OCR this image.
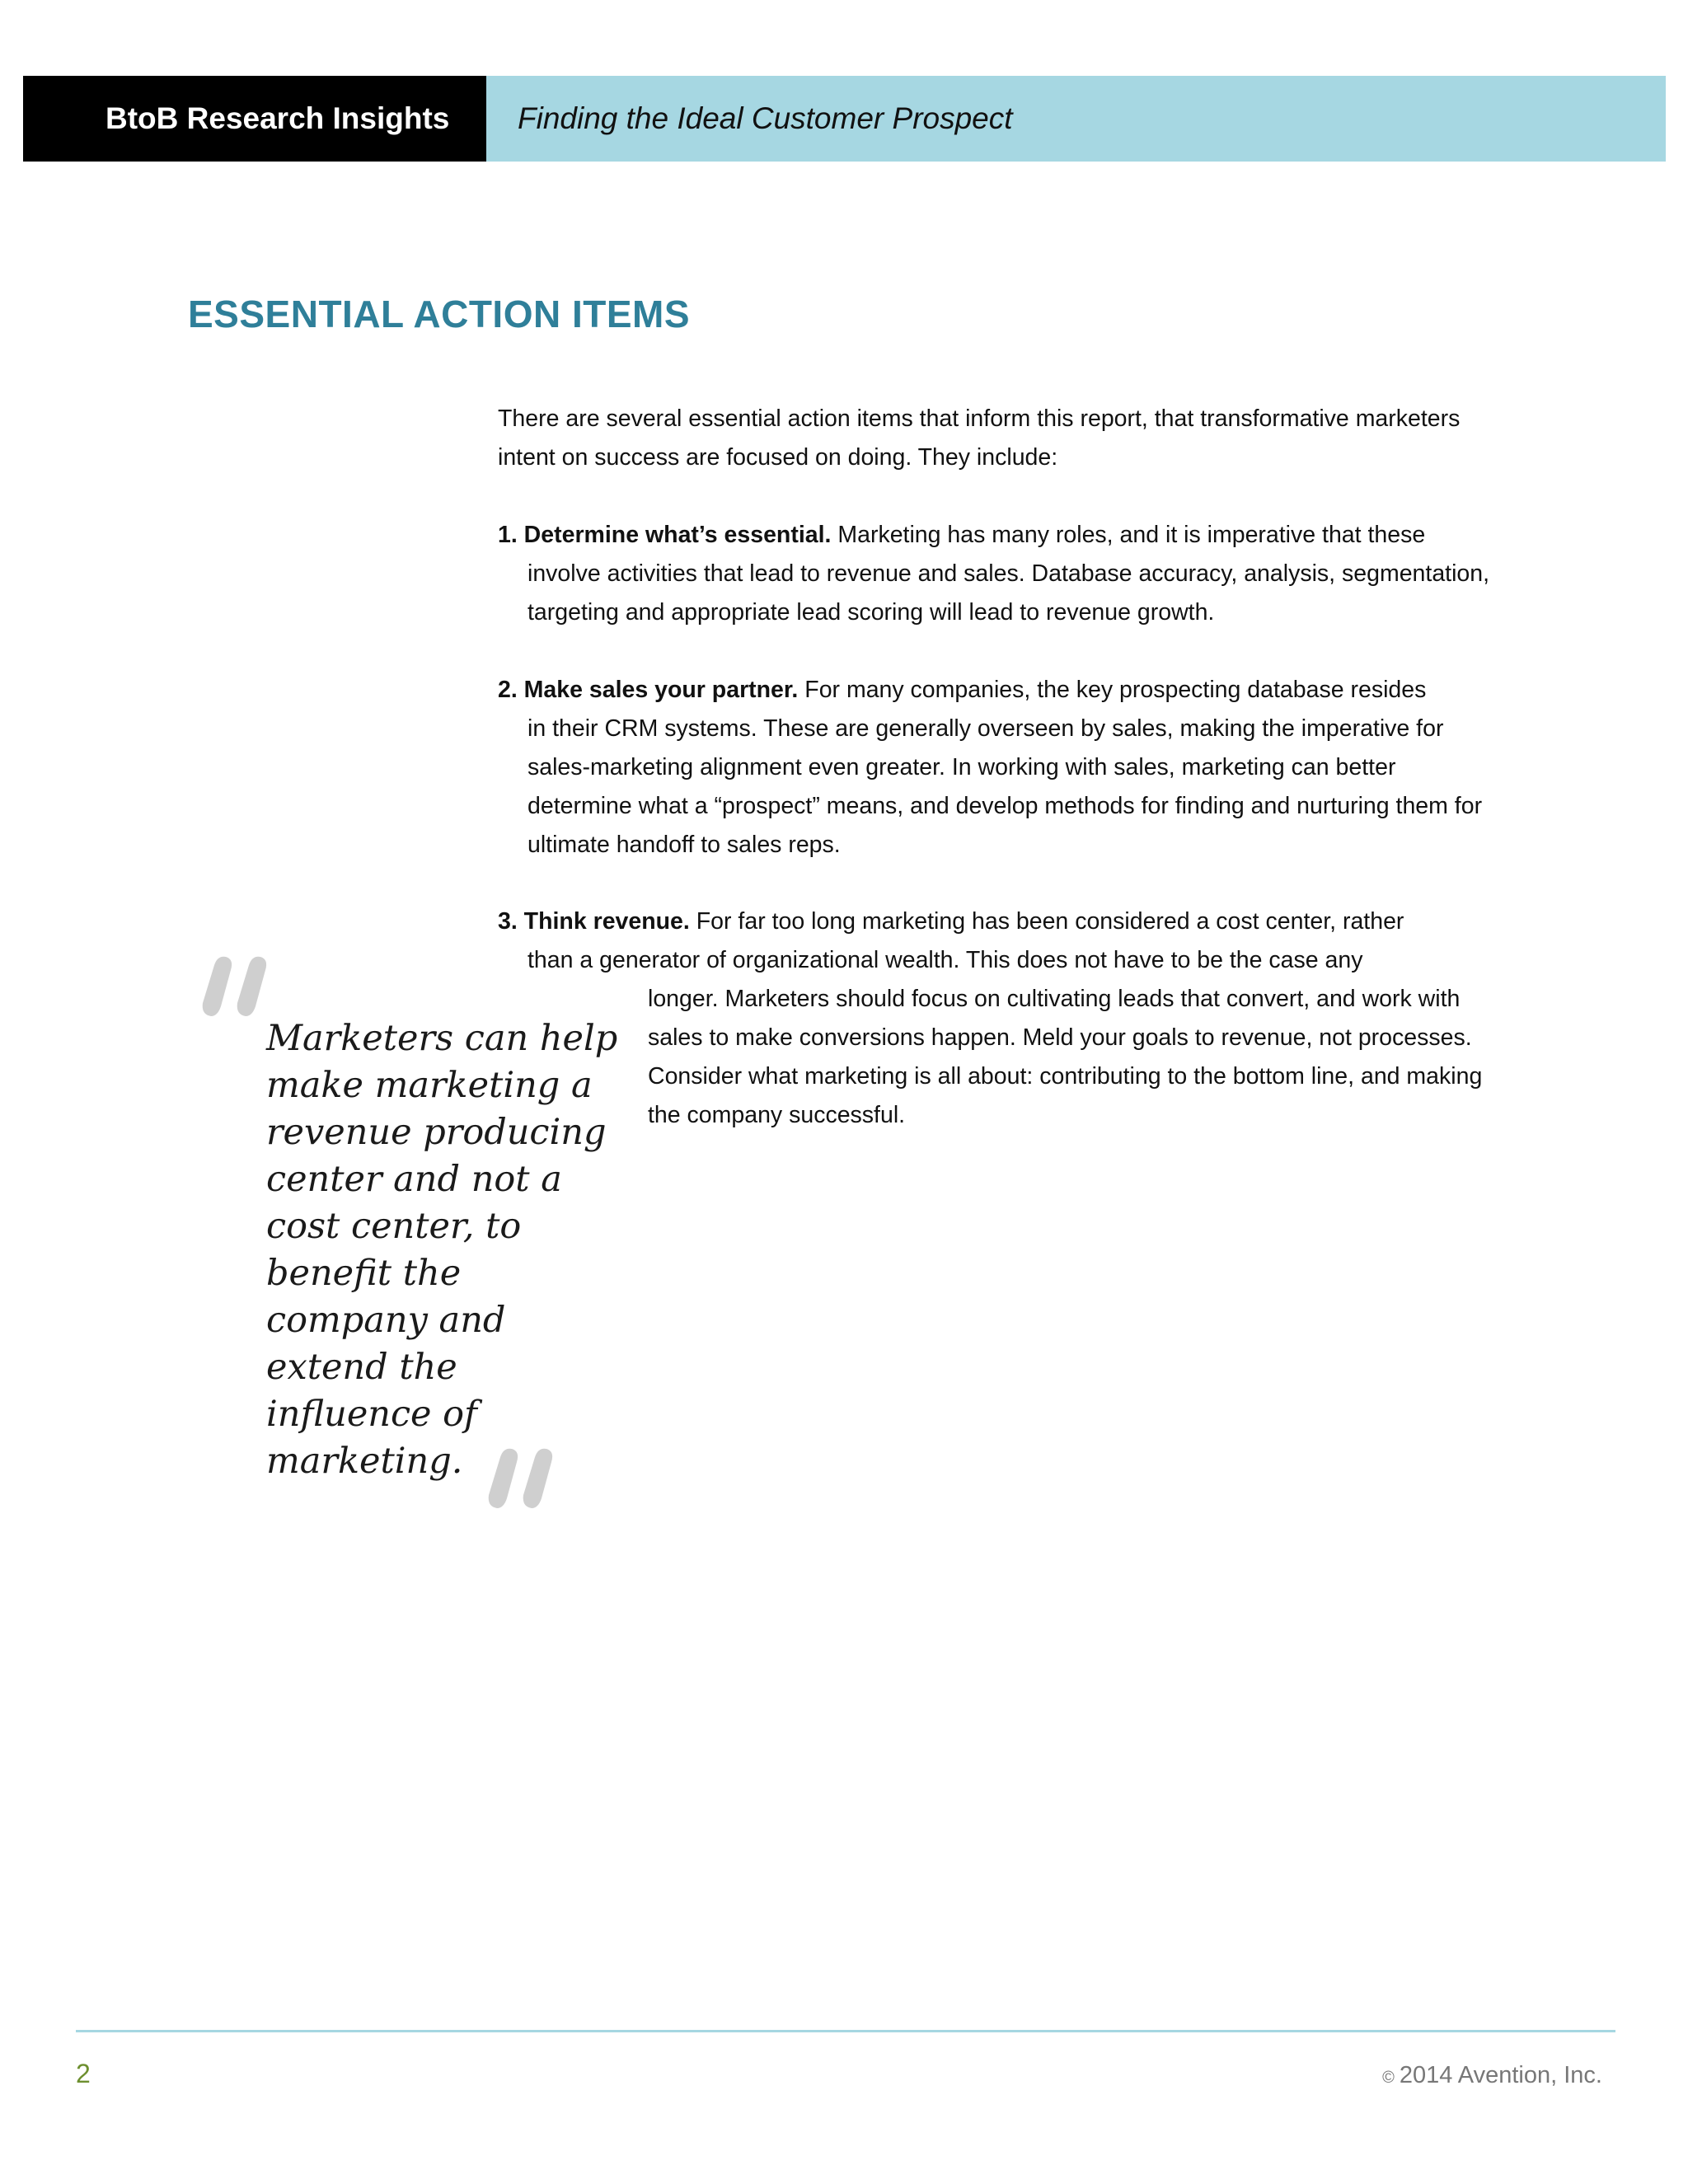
BtoB Research Insights	Finding the Ideal Customer Prospect
ESSENTIAL ACTION ITEMS

There are several essential action items that inform this report, that transformative marketers intent on success are focused on doing. They include:

1. Determine what’s essential. Marketing has many roles, and it is imperative that these
involve activities that lead to revenue and sales. Database accuracy, analysis, segmentation, targeting and appropriate lead scoring will lead to revenue growth.

2. Make sales your partner. For many companies, the key prospecting database resides
in their CRM systems. These are generally overseen by sales, making the imperative for sales-marketing alignment even greater. In working with sales, marketing can better determine what a “prospect” means, and develop methods for finding and nurturing them for ultimate handoff to sales reps.

3. Think revenue. For far too long marketing has been considered a cost center, rather
than a generator of organizational wealth. This does not have to be the case any

longer. Marketers should focus on cultivating leads that convert, and work with sales to make conversions happen. Meld your goals to revenue, not processes. Consider what marketing is all about: contributing to the bottom line, and making the company successful.

Marketers can help make marketing a revenue producing center and not a cost center, to benefit the company and extend the influence of marketing.

2	© 2014 Avention, Inc.
